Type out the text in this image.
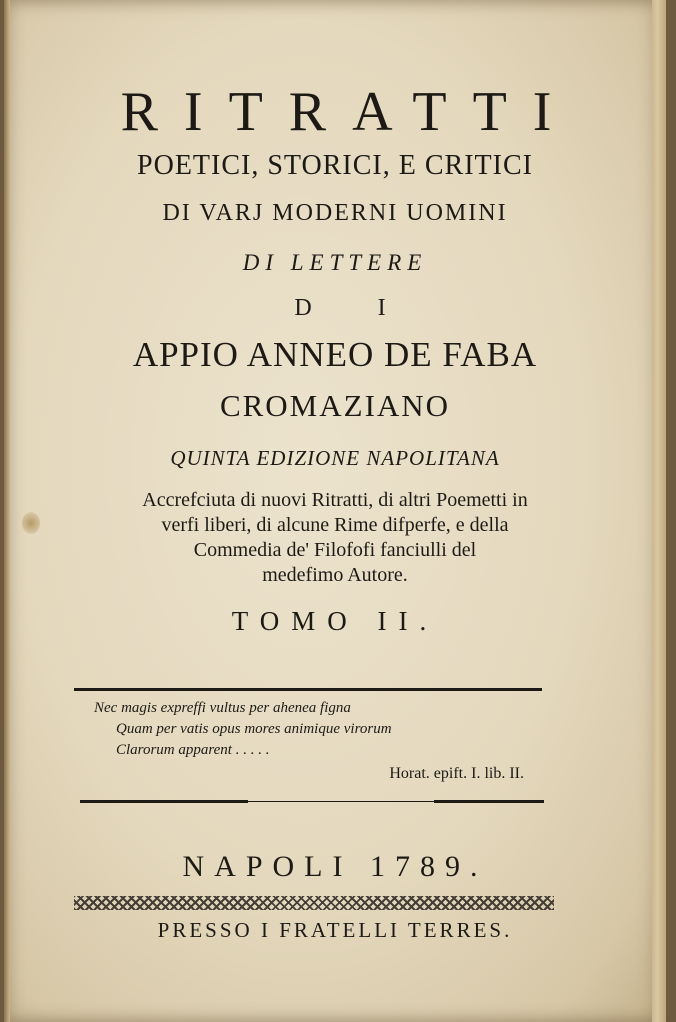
RITRATTI
POETICI, STORICI, E CRITICI
DI VARJ MODERNI UOMINI
DI LETTERE
D I
APPIO ANNEO DE FABA
CROMAZIANO
QUINTA EDIZIONE NAPOLITANA
Accrefciuta di nuovi Ritratti, di altri Poemetti in
verfi liberi, di alcune Rime difperfe, e della
Commedia de' Filofofi fanciulli del
medefimo Autore.
TOMO II.
Nec magis expreffi vultus per ahenea figna
Quam per vatis opus mores animique virorum
Clarorum apparent . . . . .
Horat. epift. I. lib. II.
NAPOLI 1789.
PRESSO I FRATELLI TERRES.
